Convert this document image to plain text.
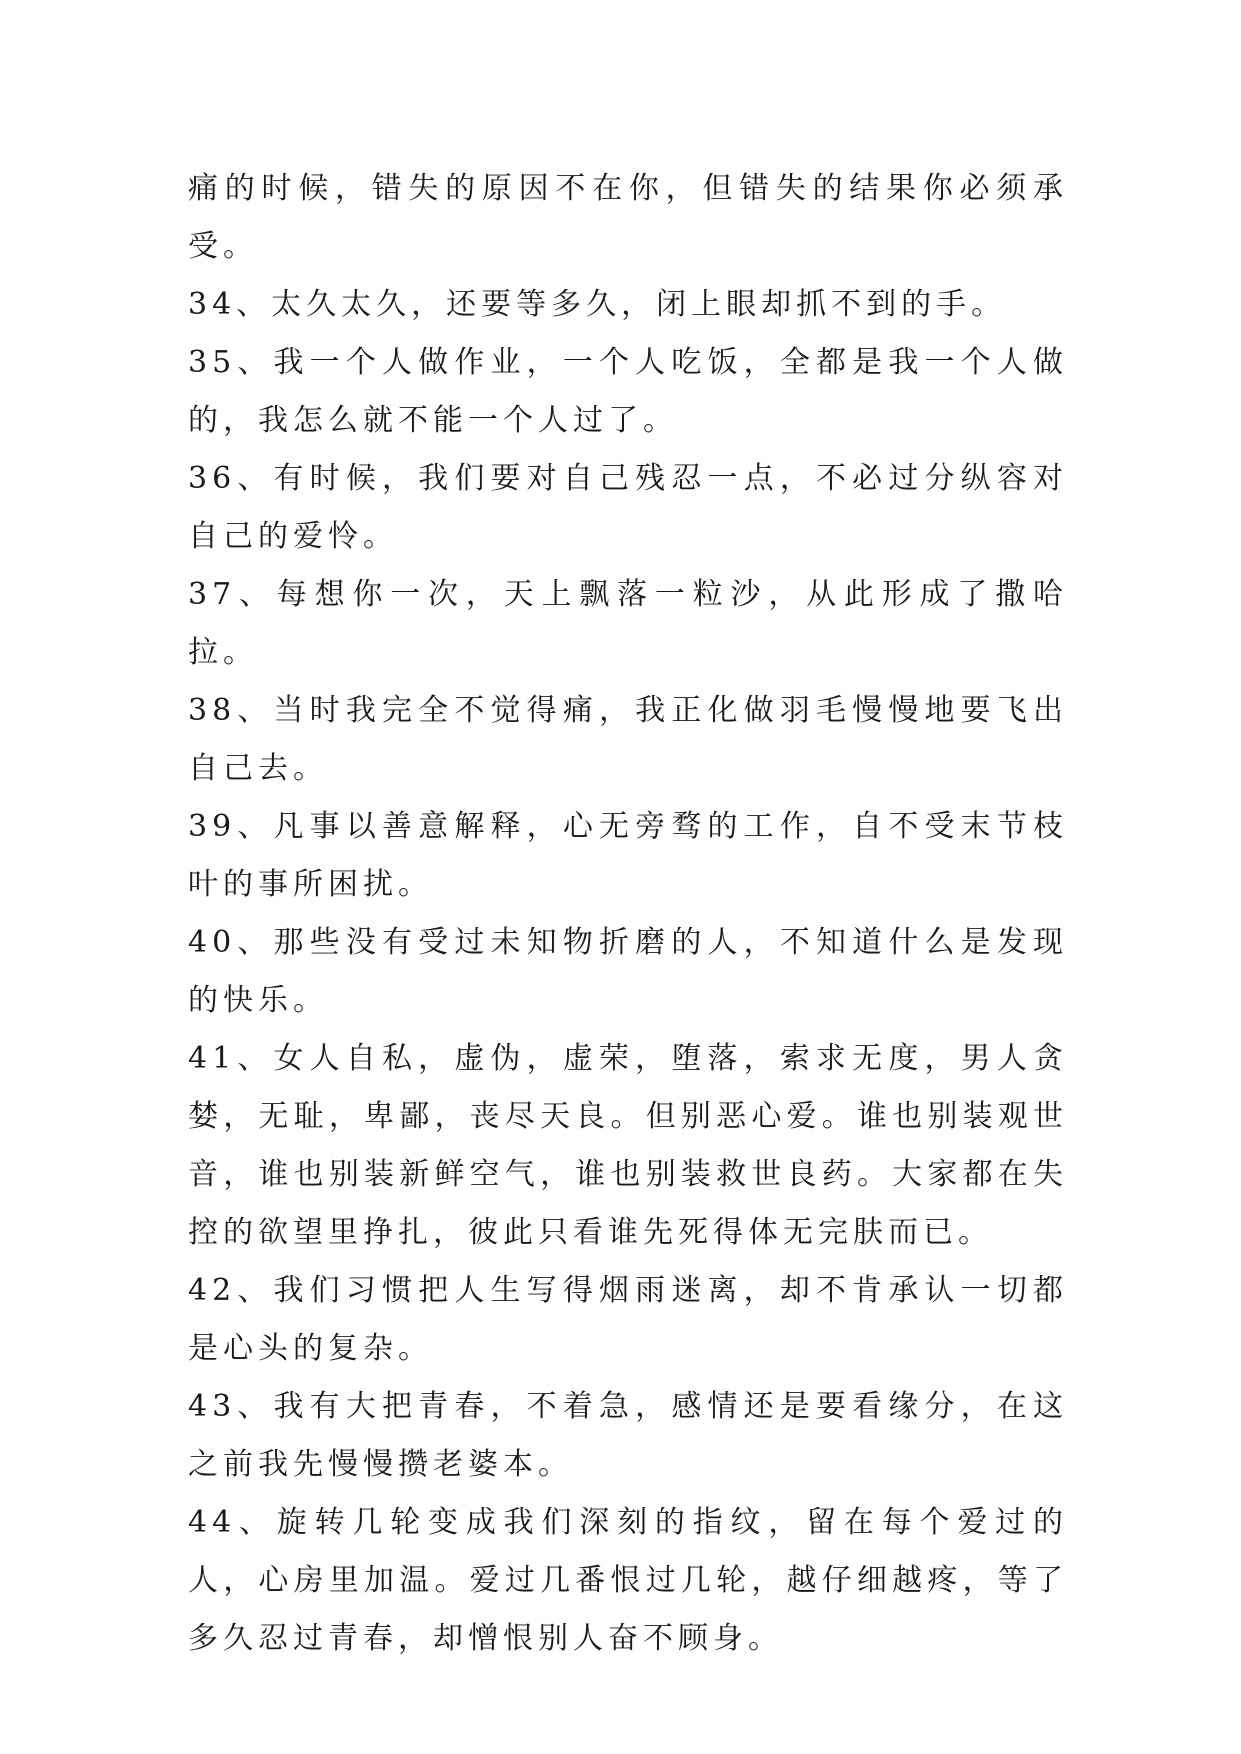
痛的时候，错失的原因不在你，但错失的结果你必须承受。

34、太久太久，还要等多久，闭上眼却抓不到的手。

35、我一个人做作业，一个人吃饭，全都是我一个人做的，我怎么就不能一个人过了。

36、有时候，我们要对自己残忍一点，不必过分纵容对自己的爱怜。

37、每想你一次，天上飘落一粒沙，从此形成了撒哈拉。

38、当时我完全不觉得痛，我正化做羽毛慢慢地要飞出自己去。

39、凡事以善意解释，心无旁骛的工作，自不受末节枝叶的事所困扰。

40、那些没有受过未知物折磨的人，不知道什么是发现的快乐。

41、女人自私，虚伪，虚荣，堕落，索求无度，男人贪婪，无耻，卑鄙，丧尽天良。但别恶心爱。谁也别装观世音，谁也别装新鲜空气，谁也别装救世良药。大家都在失控的欲望里挣扎，彼此只看谁先死得体无完肤而已。

42、我们习惯把人生写得烟雨迷离，却不肯承认一切都是心头的复杂。

43、我有大把青春，不着急，感情还是要看缘分，在这之前我先慢慢攒老婆本。

44、旋转几轮变成我们深刻的指纹，留在每个爱过的人，心房里加温。爱过几番恨过几轮，越仔细越疼，等了多久忍过青春，却憎恨别人奋不顾身。
